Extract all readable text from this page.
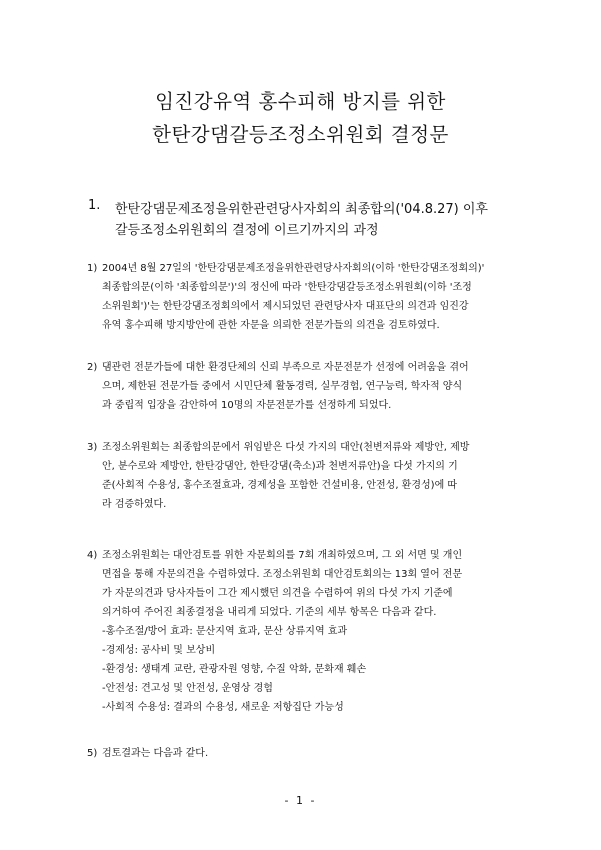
임진강유역 홍수피해 방지를 위한
한탄강댐갈등조정소위원회 결정문
1. 한탄강댐문제조정을위한관련당사자회의 최종합의('04.8.27) 이후
갈등조정소위원회의 결정에 이르기까지의 과정
1) 2004년 8월 27일의 '한탄강댐문제조정을위한관련당사자회의(이하 '한탄강댐조정회의)'
최종합의문(이하 '최종합의문')'의 정신에 따라 '한탄강댐갈등조정소위원회(이하 '조정
소위원회')'는 한탄강댐조정회의에서 제시되었던 관련당사자 대표단의 의견과 임진강
유역 홍수피해 방지방안에 관한 자문을 의뢰한 전문가들의 의견을 검토하였다.
2) 댐관련 전문가들에 대한 환경단체의 신뢰 부족으로 자문전문가 선정에 어려움을 겪어
으며, 제한된 전문가들 중에서 시민단체 활동경력, 실무경험, 연구능력, 학자적 양식
과 중립적 입장을 감안하여 10명의 자문전문가를 선정하게 되었다.
3) 조정소위원회는 최종합의문에서 위임받은 다섯 가지의 대안(천변저류와 제방안, 제방
안, 분수로와 제방안, 한탄강댐안, 한탄강댐(축소)과 천변저류안)을 다섯 가지의 기
준(사회적 수용성, 홍수조절효과, 경제성을 포함한 건설비용, 안전성, 환경성)에 따
라 검증하였다.
4) 조정소위원회는 대안검토를 위한 자문회의를 7회 개최하였으며, 그 외 서면 및 개인
면접을 통해 자문의견을 수렴하였다. 조정소위원회 대안검토회의는 13회 열어 전문
가 자문의견과 당사자들이 그간 제시했던 의견을 수렴하여 위의 다섯 가지 기준에
의거하여 주어진 최종결정을 내리게 되었다. 기준의 세부 항목은 다음과 같다.
-홍수조절/방어 효과: 문산지역 효과, 문산 상류지역 효과
-경제성: 공사비 및 보상비
-환경성: 생태계 교란, 관광자원 영향, 수질 악화, 문화재 훼손
-안전성: 견고성 및 안전성, 운영상 경험
-사회적 수용성: 결과의 수용성, 새로운 저항집단 가능성
5) 검토결과는 다음과 같다.
- 1 -
